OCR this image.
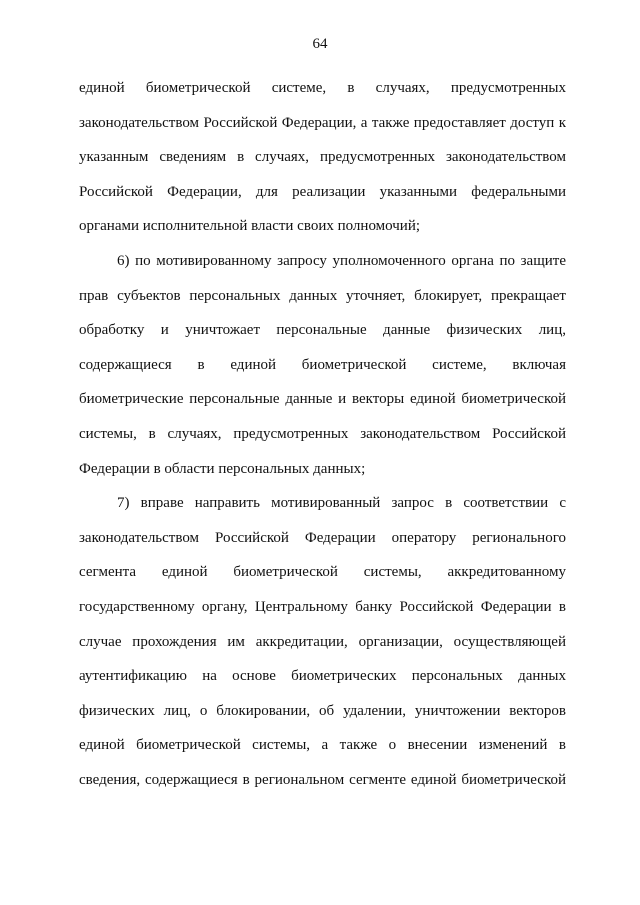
64
единой биометрической системе, в случаях, предусмотренных
законодательством Российской Федерации, а также предоставляет доступ к
указанным сведениям в случаях, предусмотренных законодательством
Российской Федерации, для реализации указанными федеральными
органами исполнительной власти своих полномочий;
6) по мотивированному запросу уполномоченного органа по защите
прав субъектов персональных данных уточняет, блокирует, прекращает
обработку и уничтожает персональные данные физических лиц,
содержащиеся в единой биометрической системе, включая
биометрические персональные данные и векторы единой биометрической
системы, в случаях, предусмотренных законодательством Российской
Федерации в области персональных данных;
7) вправе направить мотивированный запрос в соответствии с
законодательством Российской Федерации оператору регионального
сегмента единой биометрической системы, аккредитованному
государственному органу, Центральному банку Российской Федерации в
случае прохождения им аккредитации, организации, осуществляющей
аутентификацию на основе биометрических персональных данных
физических лиц, о блокировании, об удалении, уничтожении векторов
единой биометрической системы, а также о внесении изменений в
сведения, содержащиеся в региональном сегменте единой биометрической
